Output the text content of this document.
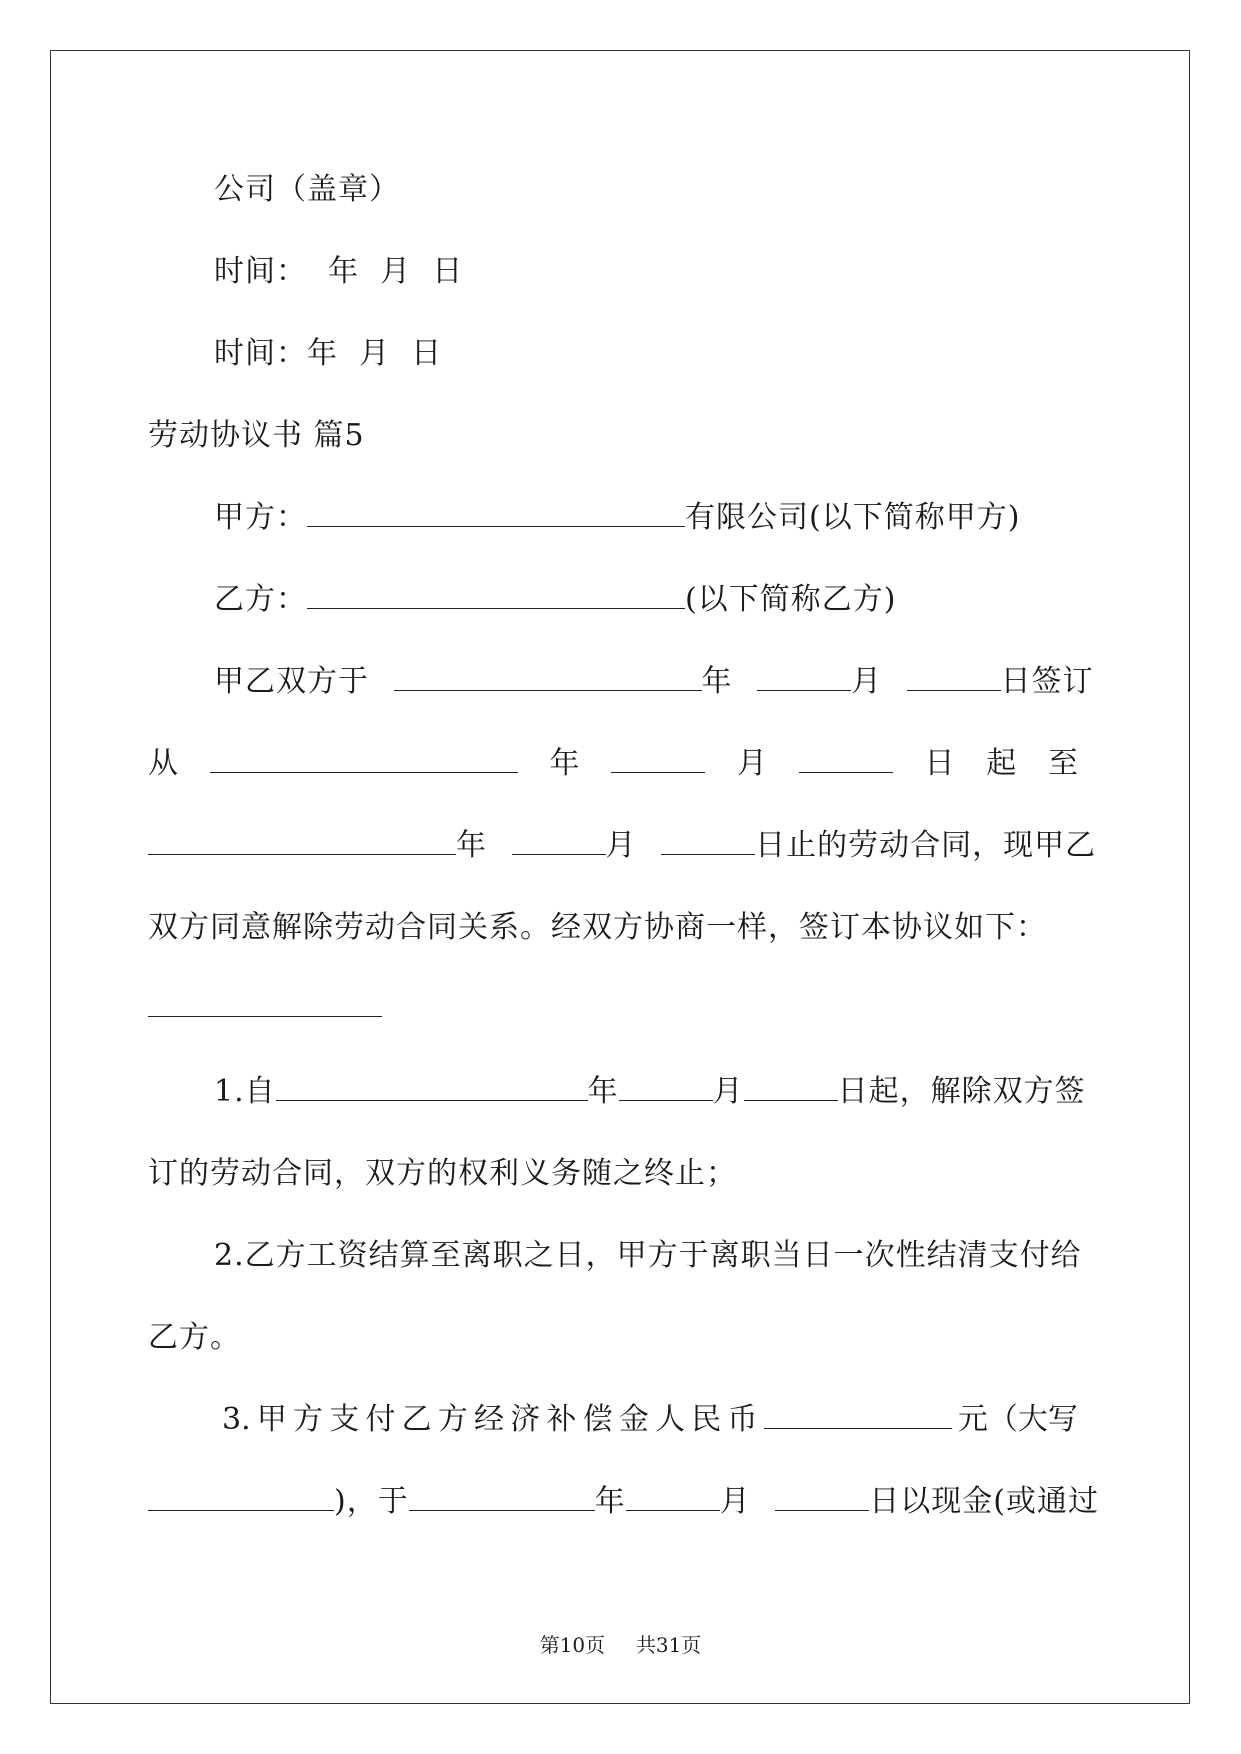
公司（盖章）
时间：  年  月  日
时间：年  月  日
劳动协议书 篇5
甲方：	有限公司(以下简称甲方)
乙方：	(以下简称乙方)
甲乙双方于	年	月	日签订
从	年	月	日 起 至
年	月	日止的劳动合同，现甲乙
双方同意解除劳动合同关系。经双方协商一样，签订本协议如下：
1.自	年	月	日起，解除双方签
订的劳动合同，双方的权利义务随之终止；
2.乙方工资结算至离职之日，甲方于离职当日一次性结清支付给
乙方。
3. 甲 方 支 付 乙 方 经 济 补 偿 金 人 民 币	元（大写
)，于	年	月	日以现金(或通过
第10页 共31页
